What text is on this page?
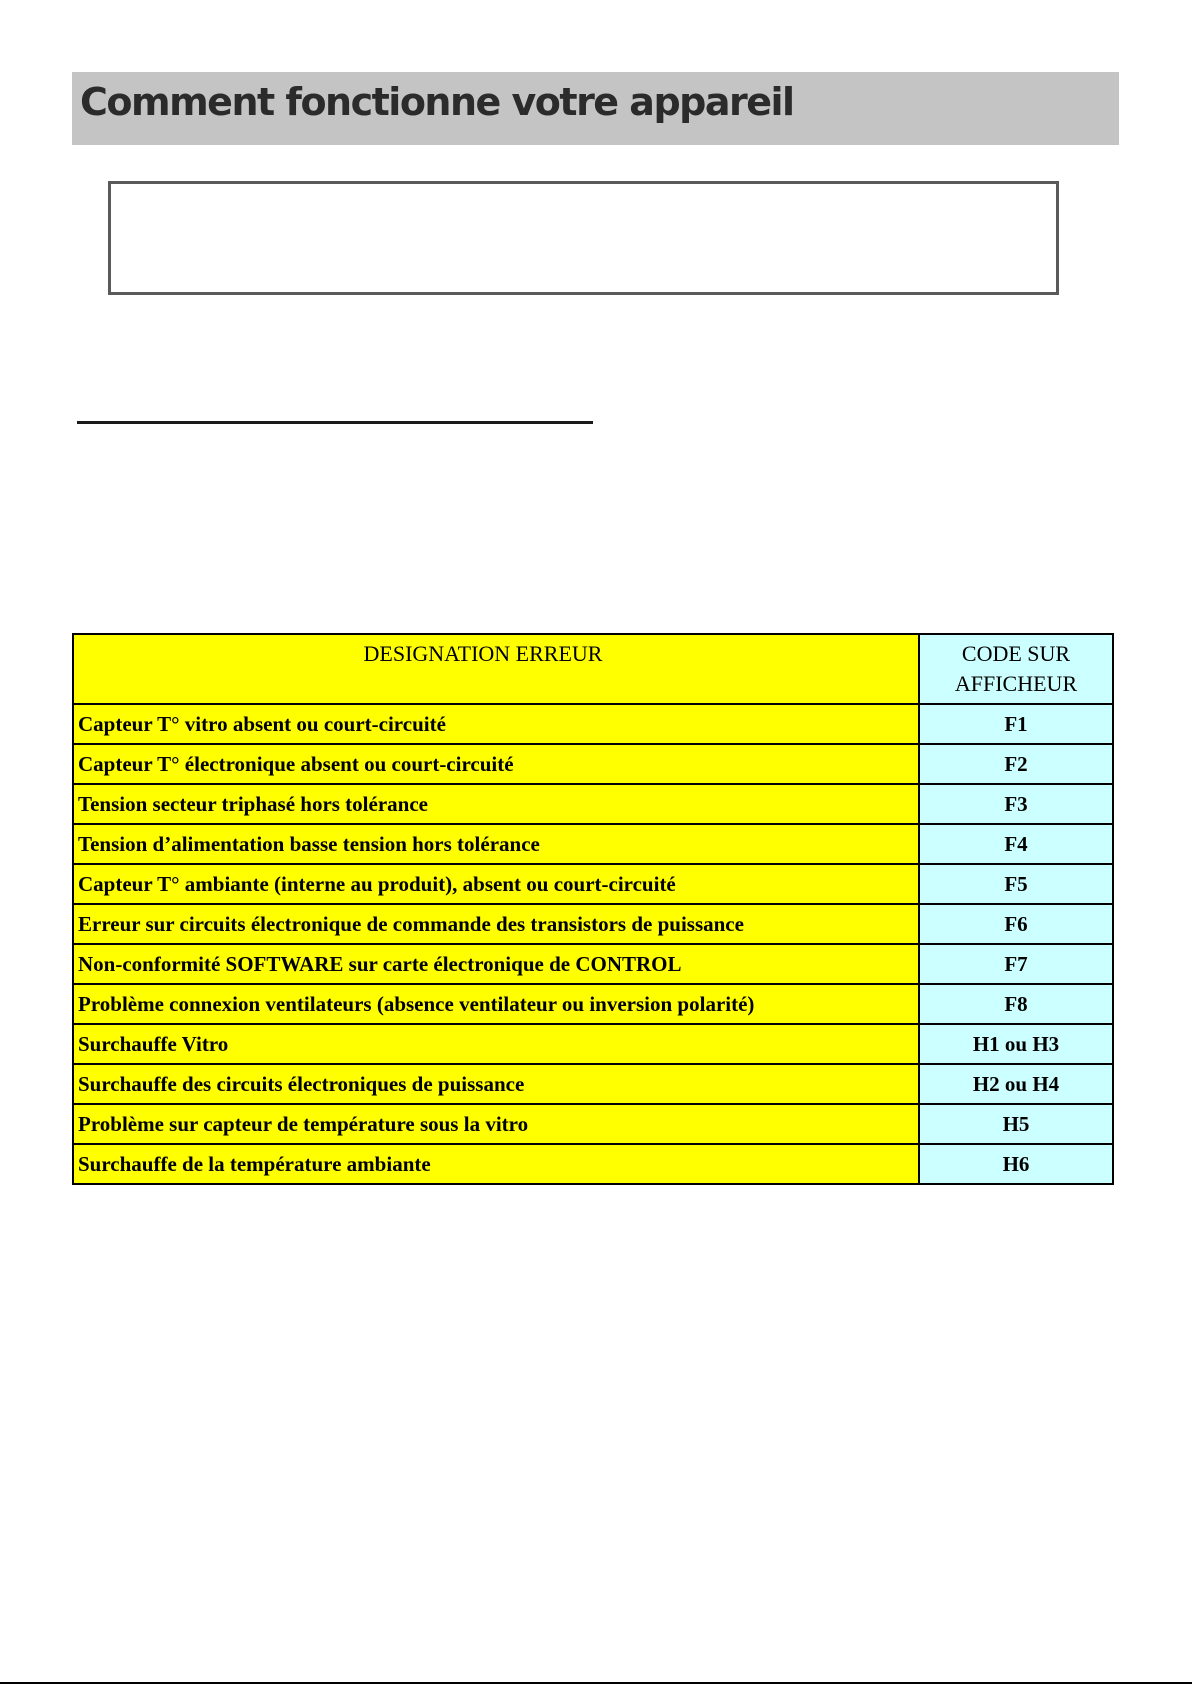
Comment fonctionne votre appareil
DESIGNATION ERREUR	CODE SUR
AFFICHEUR
Capteur T° vitro absent ou court-circuité	F1
Capteur T° électronique absent ou court-circuité	F2
Tension secteur triphasé hors tolérance	F3
Tension d’alimentation basse tension hors tolérance	F4
Capteur T° ambiante (interne au produit), absent ou court-circuité	F5
Erreur sur circuits électronique de commande des transistors de puissance	F6
Non-conformité SOFTWARE sur carte électronique de CONTROL	F7
Problème connexion ventilateurs (absence ventilateur ou inversion polarité)	F8
Surchauffe Vitro	H1 ou H3
Surchauffe des circuits électroniques de puissance	H2 ou H4
Problème sur capteur de température sous la vitro	H5
Surchauffe de la température ambiante	H6
